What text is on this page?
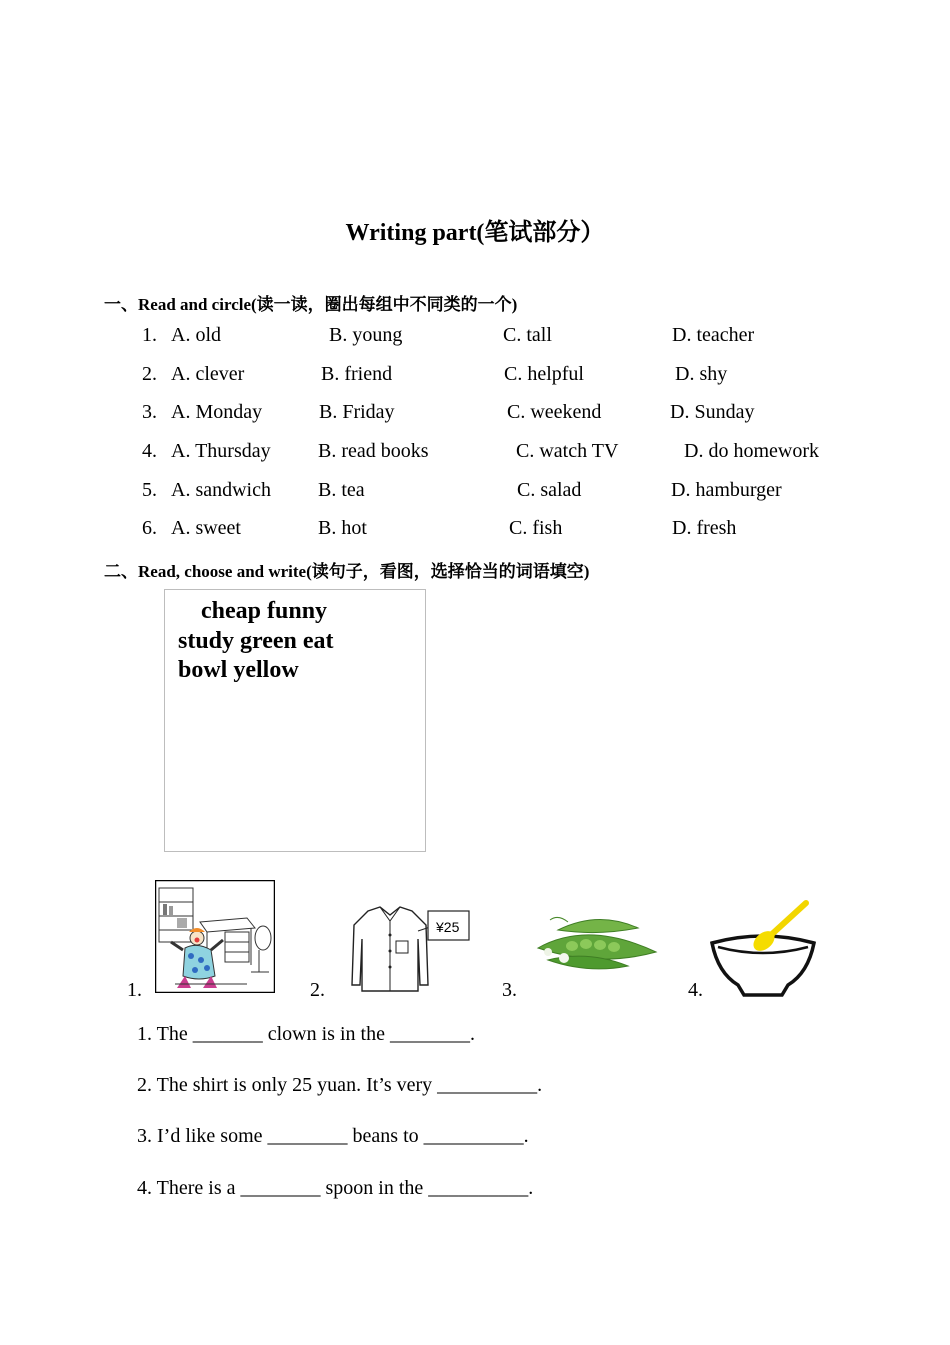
Writing part(笔试部分）
一、Read and circle(读一读，圈出每组中不同类的一个)
1. A. old	B. young	C. tall	D. teacher
2. A. clever	B. friend	C. helpful	D. shy
3. A. Monday	B. Friday	C. weekend	D. Sunday
4. A. Thursday B. read books	C. watch TV	D. do homework
5. A. sandwich B. tea	C. salad	D. hamburger
6. A. sweet	B. hot	C. fish	D. fresh
二、Read, choose and write(读句子，看图，选择恰当的词语填空)
cheap funny
study green eat
bowl yellow
1.	2.
¥25
3.	4.
1. The _______ clown is in the ________.
2. The shirt is only 25 yuan. It’s very __________.
3. I’d like some ________ beans to __________.
4. There is a ________ spoon in the __________.
